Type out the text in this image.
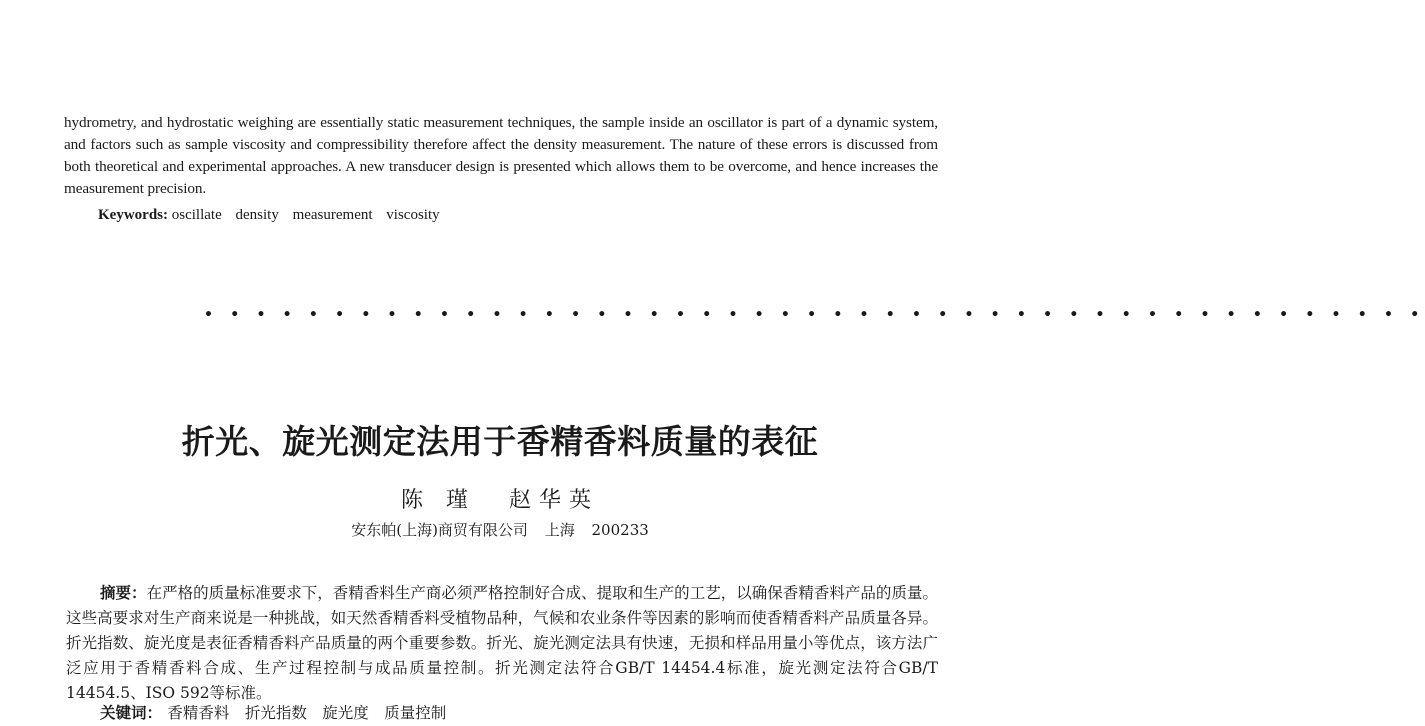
hydrometry, and hydrostatic weighing are essentially static measurement techniques, the sample inside an oscillator is part of a dynamic system, and factors such as sample viscosity and compressibility therefore affect the density measurement. The nature of these errors is discussed from both theoretical and experimental approaches. A new transducer design is presented which allows them to be overcome, and hence increases the measurement precision.

Keywords: oscillate density measurement viscosity
• • • • • • • • • • • • • • • • • • • • • • • • • • • • • • • • • • • • • • • • • • • • • • •
折光、旋光测定法用于香精香料质量的表征
陈 瑾 赵华英
安东帕(上海)商贸有限公司 上海 200233

摘要：在严格的质量标准要求下，香精香料生产商必须严格控制好合成、提取和生产的工艺，以确保香精香料产品的质量。这些高要求对生产商来说是一种挑战，如天然香精香料受植物品种，气候和农业条件等因素的影响而使香精香料产品质量各异。折光指数、旋光度是表征香精香料产品质量的两个重要参数。折光、旋光测定法具有快速，无损和样品用量小等优点，该方法广泛应用于香精香料合成、生产过程控制与成品质量控制。折光测定法符合GB/T 14454.4标准，旋光测定法符合GB/T 14454.5、ISO 592等标准。

关键词： 香精香料 折光指数 旋光度 质量控制
